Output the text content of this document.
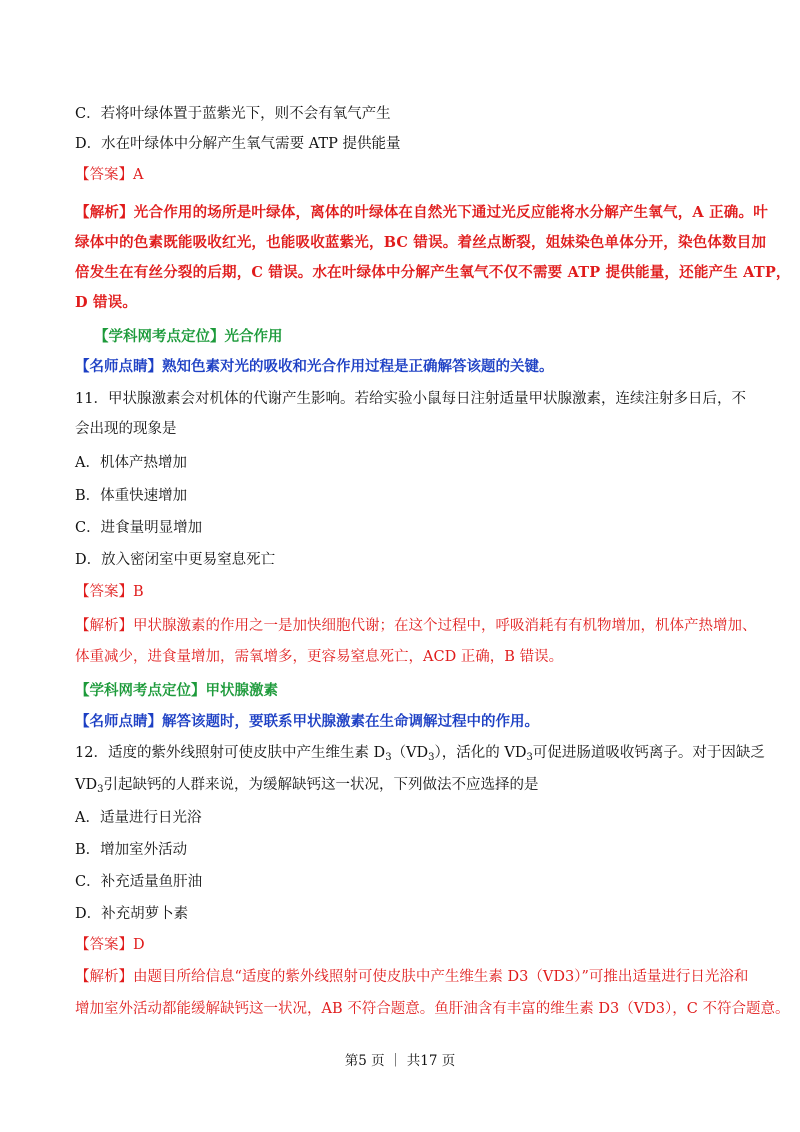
C．若将叶绿体置于蓝紫光下，则不会有氧气产生
D．水在叶绿体中分解产生氧气需要 ATP 提供能量
【答案】A
【解析】光合作用的场所是叶绿体，离体的叶绿体在自然光下通过光反应能将水分解产生氧气，A 正确。叶
绿体中的色素既能吸收红光，也能吸收蓝紫光，BC 错误。着丝点断裂，姐妹染色单体分开，染色体数目加
倍发生在有丝分裂的后期，C 错误。水在叶绿体中分解产生氧气不仅不需要 ATP 提供能量，还能产生 ATP，
D 错误。
【学科网考点定位】光合作用
【名师点睛】熟知色素对光的吸收和光合作用过程是正确解答该题的关键。
11．甲状腺激素会对机体的代谢产生影响。若给实验小鼠每日注射适量甲状腺激素，连续注射多日后，不
会出现的现象是
A．机体产热增加
B．体重快速增加
C．进食量明显增加
D．放入密闭室中更易窒息死亡
【答案】B
【解析】甲状腺激素的作用之一是加快细胞代谢；在这个过程中，呼吸消耗有有机物增加，机体产热增加、
体重减少，进食量增加，需氧增多，更容易窒息死亡，ACD 正确，B 错误。
【学科网考点定位】甲状腺激素
【名师点睛】解答该题时，要联系甲状腺激素在生命调解过程中的作用。
12．适度的紫外线照射可使皮肤中产生维生素 $D_3(VD_3)$，活化的 $VD_3$可促进肠道吸收钙离子。对于因缺乏
$VD_3$引起缺钙的人群来说，为缓解缺钙这一状况，下列做法不应选择的是
A．适量进行日光浴
B．增加室外活动
C．补充适量鱼肝油
D．补充胡萝卜素
【答案】D
【解析】由题目所给信息“适度的紫外线照射可使皮肤中产生维生素 D3（VD3）”可推出适量进行日光浴和
增加室外活动都能缓解缺钙这一状况，AB 不符合题意。鱼肝油含有丰富的维生素 D3（VD3），C 不符合题意。
第5 页 ｜ 共17 页
